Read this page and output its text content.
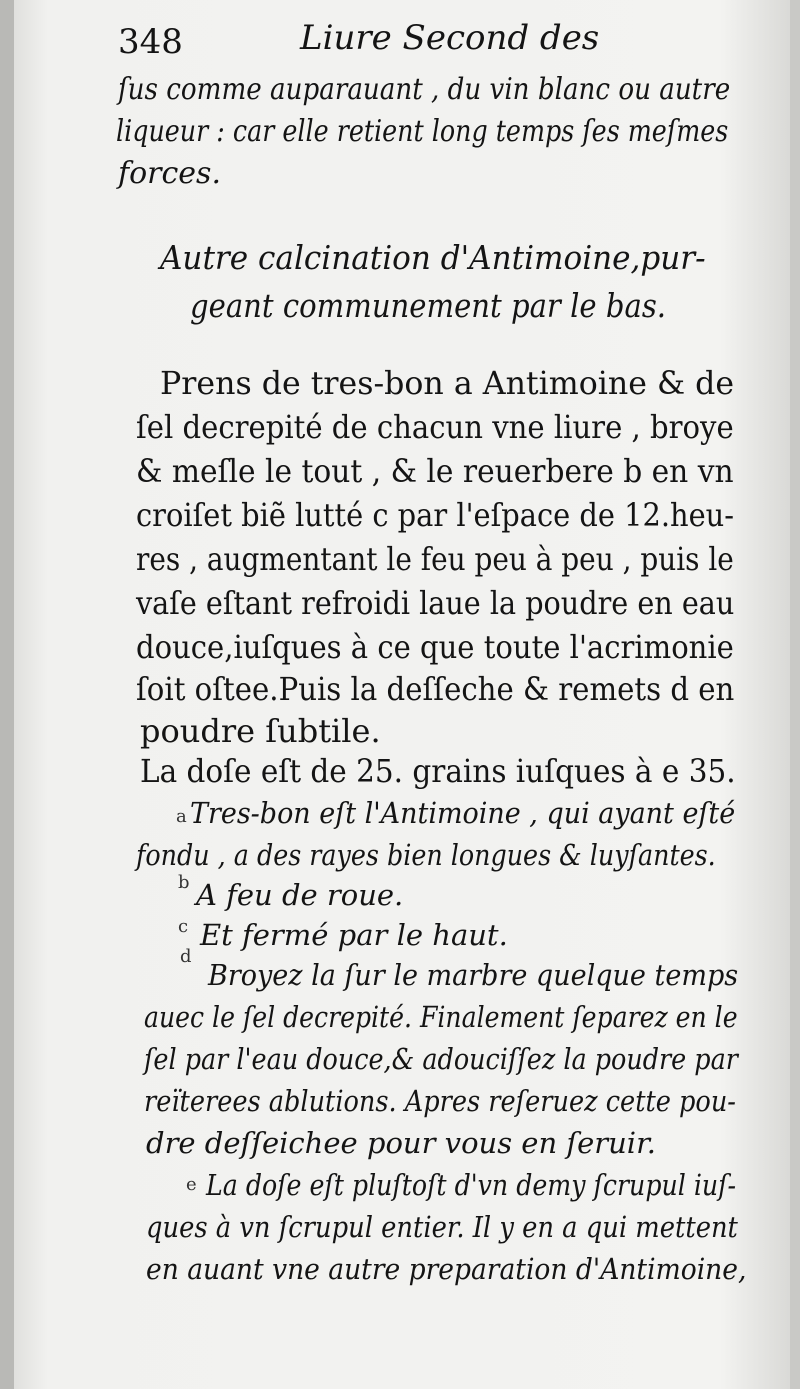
348	Liure Second des
ſus comme auparauant , du vin blanc ou autre
liqueur : car elle retient long temps ſes meſmes
forces.
Autre calcination d'Antimoine,pur-
geant communement par le bas.
Prens de tres-bon a Antimoine & de
ſel decrepité de chacun vne liure , broye
& meſle le tout , & le reuerbere b en vn
croiſet biẽ lutté c par l'eſpace de 12.heu-
res , augmentant le feu peu à peu , puis le
vaſe eſtant refroidi laue la poudre en eau
douce,iuſques à ce que toute l'acrimonie
ſoit oſtee.Puis la deſſeche & remets d en
poudre ſubtile.
La doſe eſt de 25. grains iuſques à e 35.
a Tres-bon eſt l'Antimoine , qui ayant eſté
fondu , a des rayes bien longues & luyſantes.
b A feu de roue.
c Et fermé par le haut.
d
Broyez la ſur le marbre quelque temps
auec le ſel decrepité. Finalement ſeparez en le
ſel par l'eau douce,& adouciſſez la poudre par
reïterees ablutions. Apres reſeruez cette pou-
dre deſſeichee pour vous en ſeruir.
e La doſe eſt pluſtoſt d'vn demy ſcrupul iuſ-
ques à vn ſcrupul entier. Il y en a qui mettent
en auant vne autre preparation d'Antimoine,
